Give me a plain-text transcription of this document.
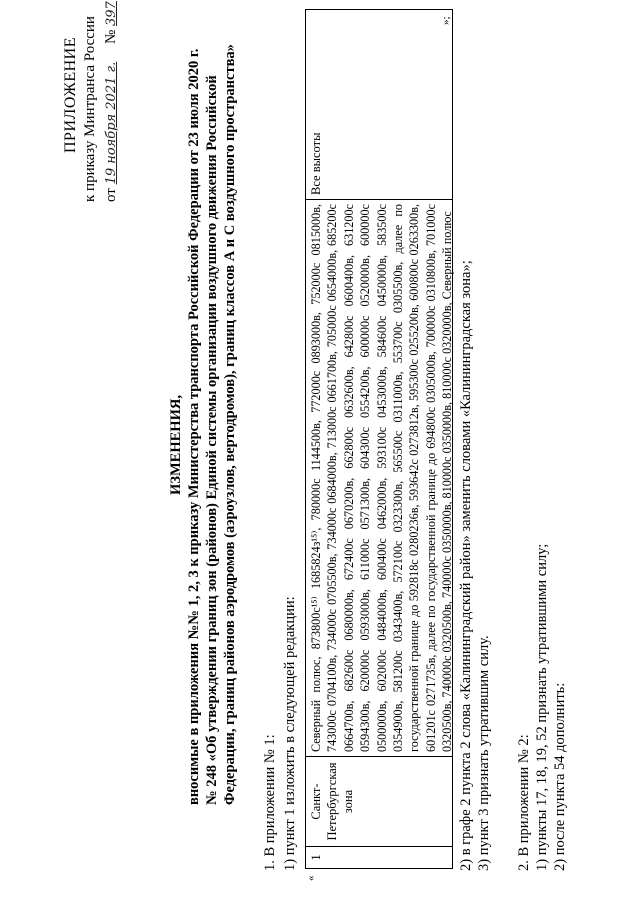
ПРИЛОЖЕНИЕ к приказу Минтранса России от 19 ноября 2021 г. № 397
ИЗМЕНЕНИЯ, вносимые в приложения №№ 1, 2, 3 к приказу Министерства транспорта Российской Федерации от 23 июля 2020 г. № 248 «Об утверждении границ зон (районов) Единой системы организации воздушного движения Российской Федерации, границ районов аэродромов (аэроузлов, вертодромов), границ классов А и С воздушного пространства» 1. В приложении № 1: 1) пункт 1 изложить в следующей редакции:
«
1
Санкт-Петербургская зона
Северный полюс, 873800с¹⁵⁾ 1685824з¹⁵⁾, 780000с 1144500в, 772000с 0893000в, 752000с 0815000в, 743000с 0704100в, 734000с 0705500в, 734000с 0684000в, 713000с 0661700в, 705000с 0654000в, 685200с 0664700в, 682600с 0680000в, 672400с 0670200в, 662800с 0632600в, 642800с 0600400в, 631200с 0594300в, 620000с 0593000в, 611000с 0571300в, 604300с 0554200в, 600000с 0520000в, 600000с 0500000в, 602000с 0484000в, 600400с 0462000в, 593100с 0453000в, 584600с 0450000в, 583500с 0354900в, 581200с 0343400в, 572100с 0323300в, 565500с 0311000в, 553700с 0305500в, далее по государственной границе до 592818с 0280236в, 593642с 0273812в, 595300с 0255200в, 600800с 0263300в, 601201с 0271735в, далее по государственной границе до 694800с 0305000в, 700000с 0310800в, 701000с 0320500в, 740000с 0320500в, 740000с 0350000в, 810000с 0350000в, 810000с 0320000в, Северный полюс
Все высоты
»;
2) в графе 2 пункта 2 слова «Калининградский район» заменить словами «Калининградская зона»; 3) пункт 3 признать утратившим силу. 2. В приложении № 2: 1) пункты 17, 18, 19, 52 признать утратившими силу; 2) после пункта 54 дополнить:
